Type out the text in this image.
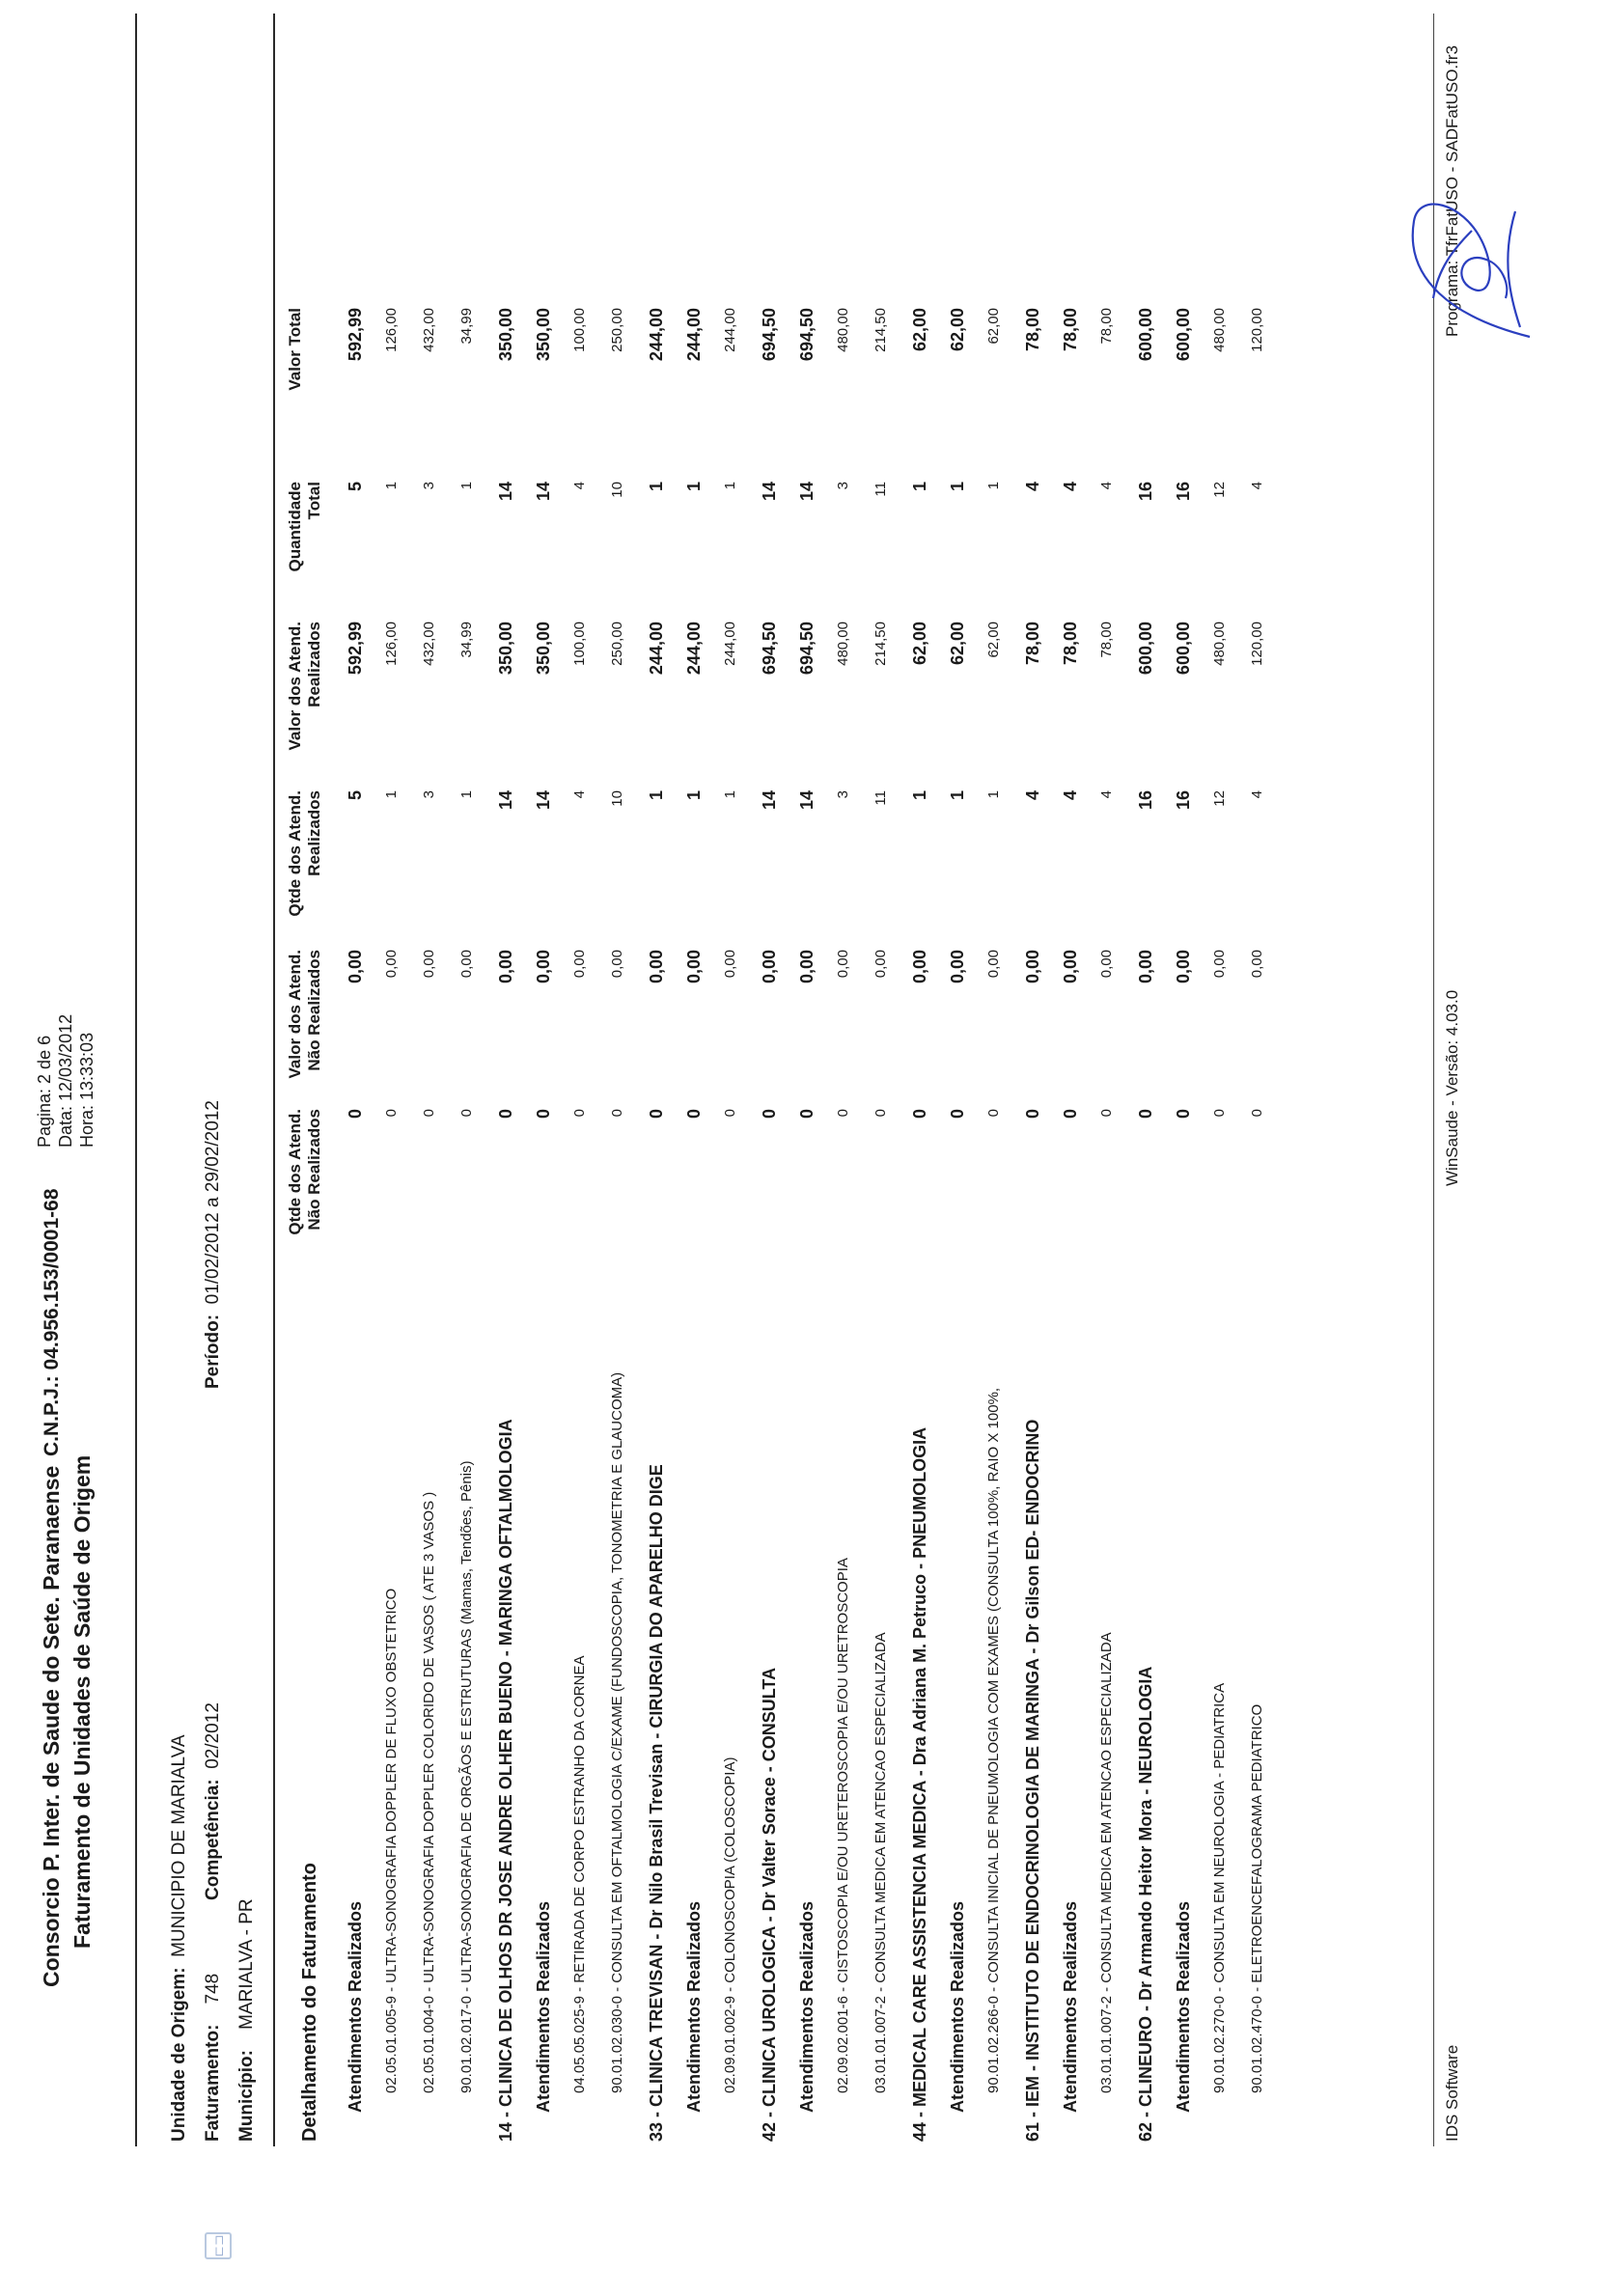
⊏⊐
Consorcio P. Inter. de Saude do Sete. Paranaense Faturamento de Unidades de Saúde de Origem
C.N.P.J.: 04.956.153/0001-68
Pagina: 2 de 6 Data: 12/03/2012 Hora: 13:33:03
Unidade de Origem:  MUNICIPIO DE MARIALVA
Faturamento:    748
Competência:  02/2012
Período:  01/02/2012 a 29/02/2012
Município:    MARIALVA - PR Detalhamento do Faturamento
Qtde dos Atend. Não Realizados
Valor dos Atend. Não Realizados
Qtde dos Atend. Realizados
Valor dos Atend. Realizados
Quantidade Total
Valor Total
Atendimentos Realizados
0
0,00
5
592,99
5
592,99
02.05.01.005-9 - ULTRA-SONOGRAFIA DOPPLER DE FLUXO OBSTETRICO
0
0,00
1
126,00
1
126,00
02.05.01.004-0 - ULTRA-SONOGRAFIA DOPPLER COLORIDO DE VASOS ( ATE 3 VASOS )
0
0,00
3
432,00
3
432,00
90.01.02.017-0 - ULTRA-SONOGRAFIA DE ORGÃOS E ESTRUTURAS (Mamas, Tendões, Pênis)
0
0,00
1
34,99
1
34,99
14 - CLINICA DE OLHOS DR JOSE ANDRE OLHER BUENO - MARINGA OFTALMOLOGIA
0
0,00
14
350,00
14
350,00
Atendimentos Realizados
0
0,00
14
350,00
14
350,00
04.05.05.025-9 - RETIRADA DE CORPO ESTRANHO DA CORNEA
0
0,00
4
100,00
4
100,00
90.01.02.030-0 - CONSULTA EM OFTALMOLOGIA C/EXAME (FUNDOSCOPIA, TONOMETRIA E GLAUCOMA)
0
0,00
10
250,00
10
250,00
33 - CLINICA TREVISAN - Dr Nilo Brasil Trevisan - CIRURGIA DO APARELHO DIGE
0
0,00
1
244,00
1
244,00
Atendimentos Realizados
0
0,00
1
244,00
1
244,00
02.09.01.002-9 - COLONOSCOPIA (COLOSCOPIA)
0
0,00
1
244,00
1
244,00
42 - CLINICA UROLOGICA - Dr Valter Sorace - CONSULTA
0
0,00
14
694,50
14
694,50
Atendimentos Realizados
0
0,00
14
694,50
14
694,50
02.09.02.001-6 - CISTOSCOPIA E/OU URETEROSCOPIA E/OU URETROSCOPIA
0
0,00
3
480,00
3
480,00
03.01.01.007-2 - CONSULTA MEDICA EM ATENCAO ESPECIALIZADA
0
0,00
11
214,50
11
214,50
44 - MEDICAL CARE ASSISTENCIA MEDICA - Dra Adriana M. Petruco - PNEUMOLOGIA
0
0,00
1
62,00
1
62,00
Atendimentos Realizados
0
0,00
1
62,00
1
62,00
90.01.02.266-0 - CONSULTA INICIAL DE PNEUMOLOGIA COM EXAMES (CONSULTA 100%, RAIO X 100%,
0
0,00
1
62,00
1
62,00
61 - IEM - INSTITUTO DE ENDOCRINOLOGIA DE MARINGA - Dr Gilson ED- ENDOCRINO
0
0,00
4
78,00
4
78,00
Atendimentos Realizados
0
0,00
4
78,00
4
78,00
03.01.01.007-2 - CONSULTA MEDICA EM ATENCAO ESPECIALIZADA
0
0,00
4
78,00
4
78,00
62 - CLINEURO - Dr Armando Heitor Mora - NEUROLOGIA
0
0,00
16
600,00
16
600,00
Atendimentos Realizados
0
0,00
16
600,00
16
600,00
90.01.02.270-0 - CONSULTA EM NEUROLOGIA - PEDIATRICA
0
0,00
12
480,00
12
480,00
90.01.02.470-0 - ELETROENCEFALOGRAMA PEDIATRICO
0
0,00
4
120,00
4
120,00
IDS Software
WinSaude - Versão: 4.03.0
Programa: TfrFatUSO - SADFatUSO.fr3
